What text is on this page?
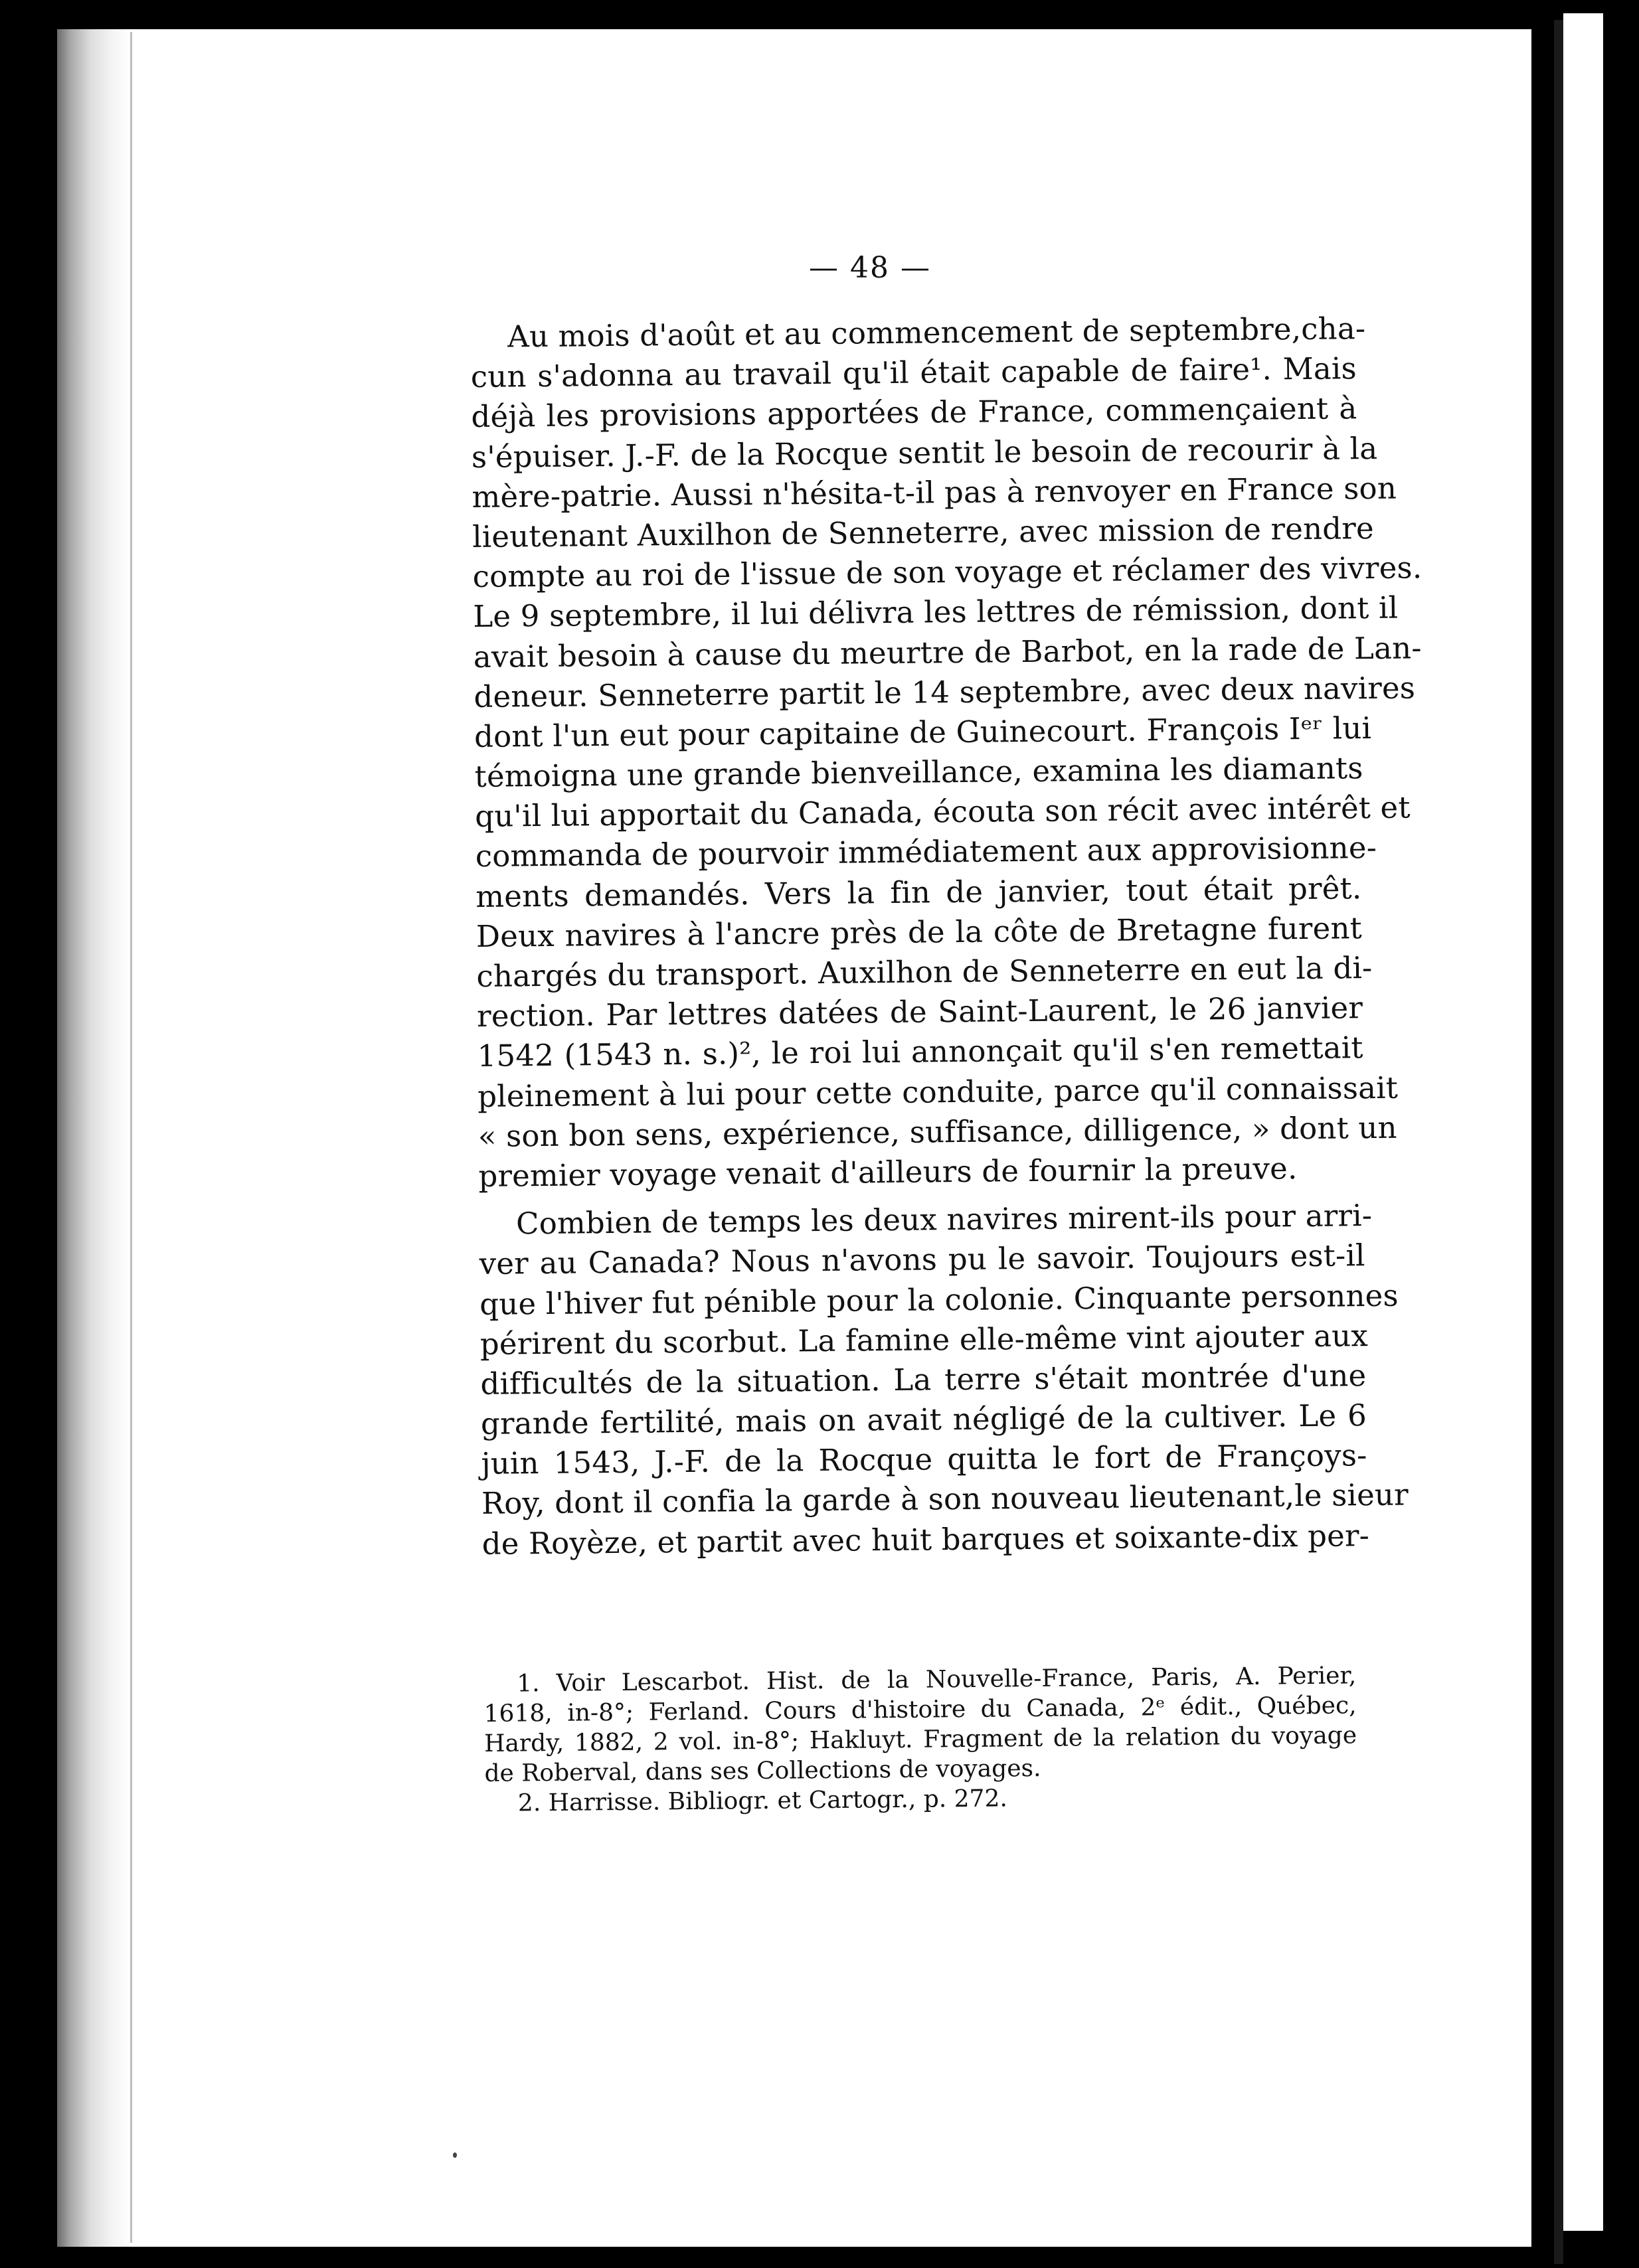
— 48 —
Au mois d'août et au commencement de septembre,cha-
cun s'adonna au travail qu'il était capable de faire¹. Mais
déjà les provisions apportées de France, commençaient à
s'épuiser. J.-F. de la Rocque sentit le besoin de recourir à la
mère-patrie. Aussi n'hésita-t-il pas à renvoyer en France son
lieutenant Auxilhon de Senneterre, avec mission de rendre
compte au roi de l'issue de son voyage et réclamer des vivres.
Le 9 septembre, il lui délivra les lettres de rémission, dont il
avait besoin à cause du meurtre de Barbot, en la rade de Lan-
deneur. Senneterre partit le 14 septembre, avec deux navires
dont l'un eut pour capitaine de Guinecourt. François Iᵉʳ lui
témoigna une grande bienveillance, examina les diamants
qu'il lui apportait du Canada, écouta son récit avec intérêt et
commanda de pourvoir immédiatement aux approvisionne-
ments demandés. Vers la fin de janvier, tout était prêt.
Deux navires à l'ancre près de la côte de Bretagne furent
chargés du transport. Auxilhon de Senneterre en eut la di-
rection. Par lettres datées de Saint-Laurent, le 26 janvier
1542 (1543 n. s.)², le roi lui annonçait qu'il s'en remettait
pleinement à lui pour cette conduite, parce qu'il connaissait
« son bon sens, expérience, suffisance, dilligence, » dont un
premier voyage venait d'ailleurs de fournir la preuve.
Combien de temps les deux navires mirent-ils pour arri-
ver au Canada? Nous n'avons pu le savoir. Toujours est-il
que l'hiver fut pénible pour la colonie. Cinquante personnes
périrent du scorbut. La famine elle-même vint ajouter aux
difficultés de la situation. La terre s'était montrée d'une
grande fertilité, mais on avait négligé de la cultiver. Le 6
juin 1543, J.-F. de la Rocque quitta le fort de Françoys-
Roy, dont il confia la garde à son nouveau lieutenant,le sieur
de Royèze, et partit avec huit barques et soixante-dix per-
1. Voir Lescarbot. Hist. de la Nouvelle-France, Paris, A. Perier,
1618, in-8°; Ferland. Cours d'histoire du Canada, 2ᵉ édit., Québec,
Hardy, 1882, 2 vol. in-8°; Hakluyt. Fragment de la relation du voyage
de Roberval, dans ses Collections de voyages.
2. Harrisse. Bibliogr. et Cartogr., p. 272.
